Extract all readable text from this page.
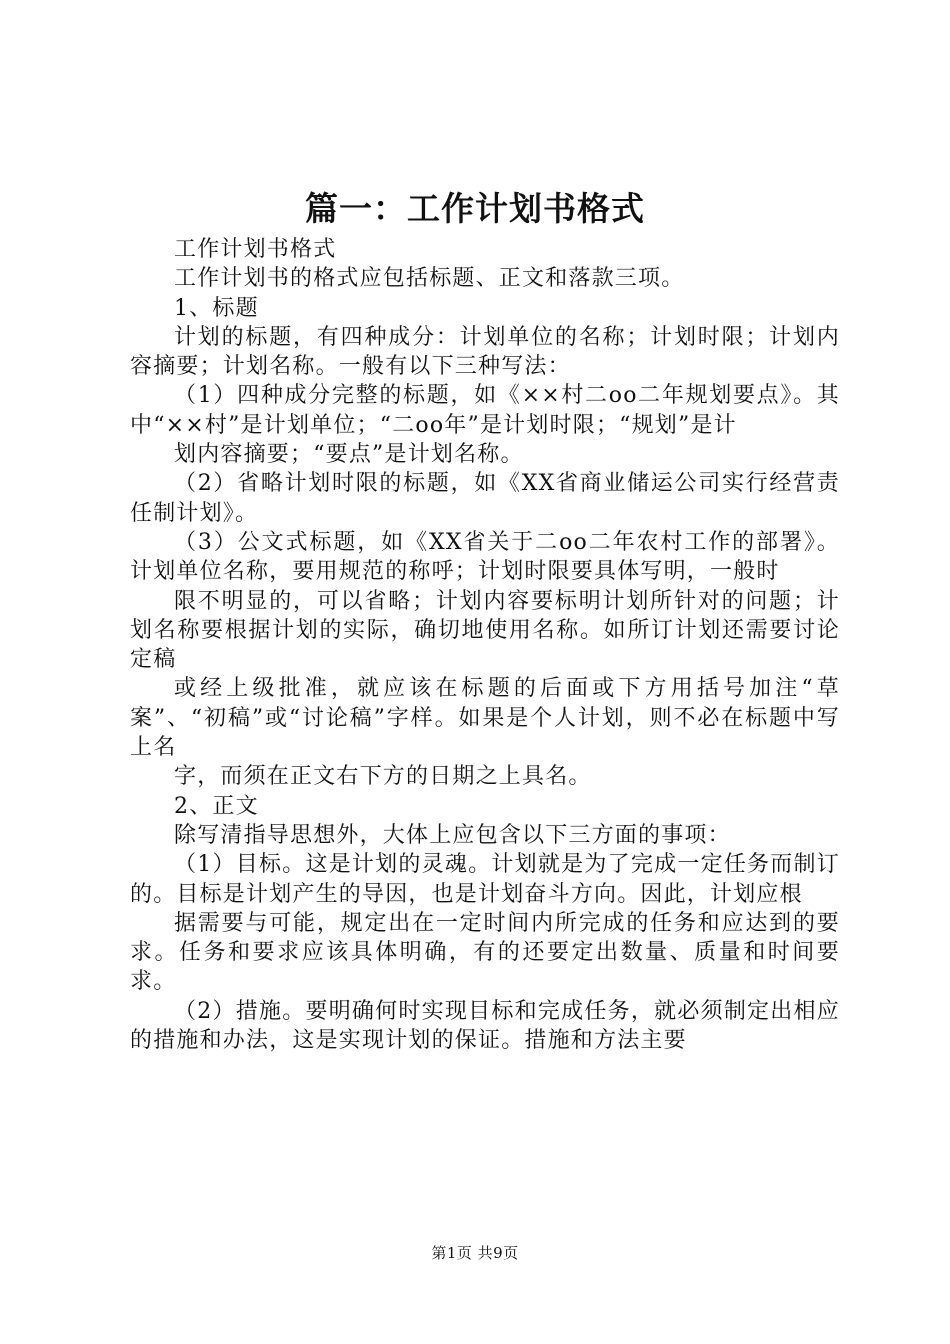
篇一：工作计划书格式

工作计划书格式

工作计划书的格式应包括标题、正文和落款三项。

1、标题

计划的标题，有四种成分：计划单位的名称；计划时限；计划内容摘要；计划名称。一般有以下三种写法：

（1）四种成分完整的标题，如《××村二oo二年规划要点》。其中“××村”是计划单位；“二oo年”是计划时限；“规划”是计

划内容摘要；“要点”是计划名称。

（2）省略计划时限的标题，如《XX省商业储运公司实行经营责任制计划》。

（3）公文式标题，如《XX省关于二oo二年农村工作的部署》。计划单位名称，要用规范的称呼；计划时限要具体写明，一般时

限不明显的，可以省略；计划内容要标明计划所针对的问题；计划名称要根据计划的实际，确切地使用名称。如所订计划还需要讨论定稿

或经上级批准，就应该在标题的后面或下方用括号加注“草案”、“初稿”或“讨论稿”字样。如果是个人计划，则不必在标题中写上名

字，而须在正文右下方的日期之上具名。

2、正文

除写清指导思想外，大体上应包含以下三方面的事项：

（1）目标。这是计划的灵魂。计划就是为了完成一定任务而制订的。目标是计划产生的导因，也是计划奋斗方向。因此，计划应根

据需要与可能，规定出在一定时间内所完成的任务和应达到的要求。任务和要求应该具体明确，有的还要定出数量、质量和时间要求。

（2）措施。要明确何时实现目标和完成任务，就必须制定出相应的措施和办法，这是实现计划的保证。措施和方法主要

第1页 共9页
